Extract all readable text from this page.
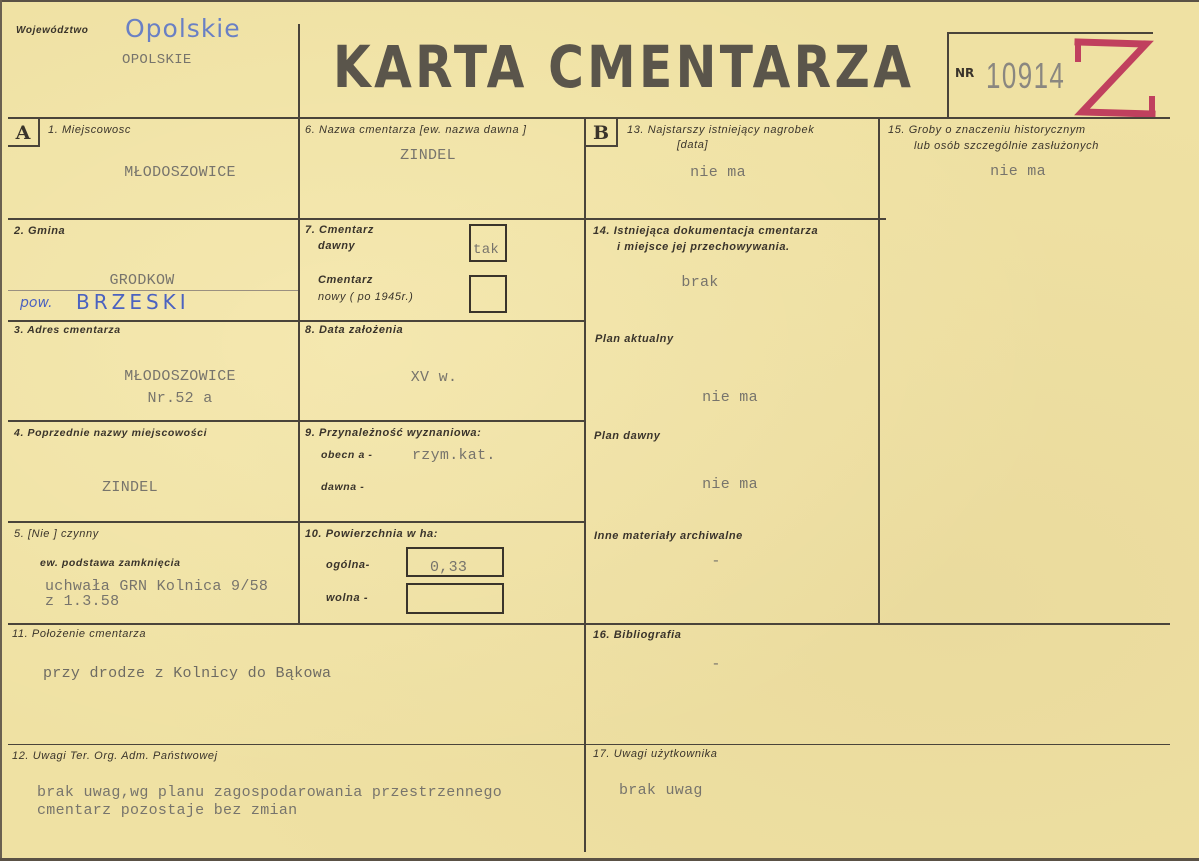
Województwo Opolskie
OPOLSKIE KARTA CMENTARZA	NR 10914
A	B
1. Miejscowosc
MŁODOSZOWICE
6. Nazwa cmentarza [ew. nazwa dawna ]
ZINDEL
2. Gmina
GRODKOW
pow. BRZESKI
7. Cmentarz
dawny	tak
Cmentarz
nowy ( po 1945r.)
3. Adres cmentarza
MŁODOSZOWICE
Nr.52 a
8. Data założenia
XV w.
4. Poprzednie nazwy miejscowości
ZINDEL
9. Przynależność wyznaniowa:
obecn a -	rzym.kat.
dawna -
5. [Nie ] czynny
ew. podstawa zamknięcia
uchwała GRN Kolnica 9/58
z 1.3.58
10. Powierzchnia w ha:
ogólna-	0,33
wolna -
11. Położenie cmentarza
przy drodze z Kolnicy do Bąkowa
12. Uwagi Ter. Org. Adm. Państwowej
brak uwag,wg planu zagospodarowania przestrzennego
cmentarz pozostaje bez zmian
13. Najstarszy istniejący nagrobek
[data]
nie ma
15. Groby o znaczeniu historycznym
lub osób szczególnie zasłużonych
nie ma
14. Istniejąca dokumentacja cmentarza
i miejsce jej przechowywania.
brak
Plan aktualny
nie ma
Plan dawny
nie ma
Inne materiały archiwalne
-
16. Bibliografia
-
17. Uwagi użytkownika
brak uwag
